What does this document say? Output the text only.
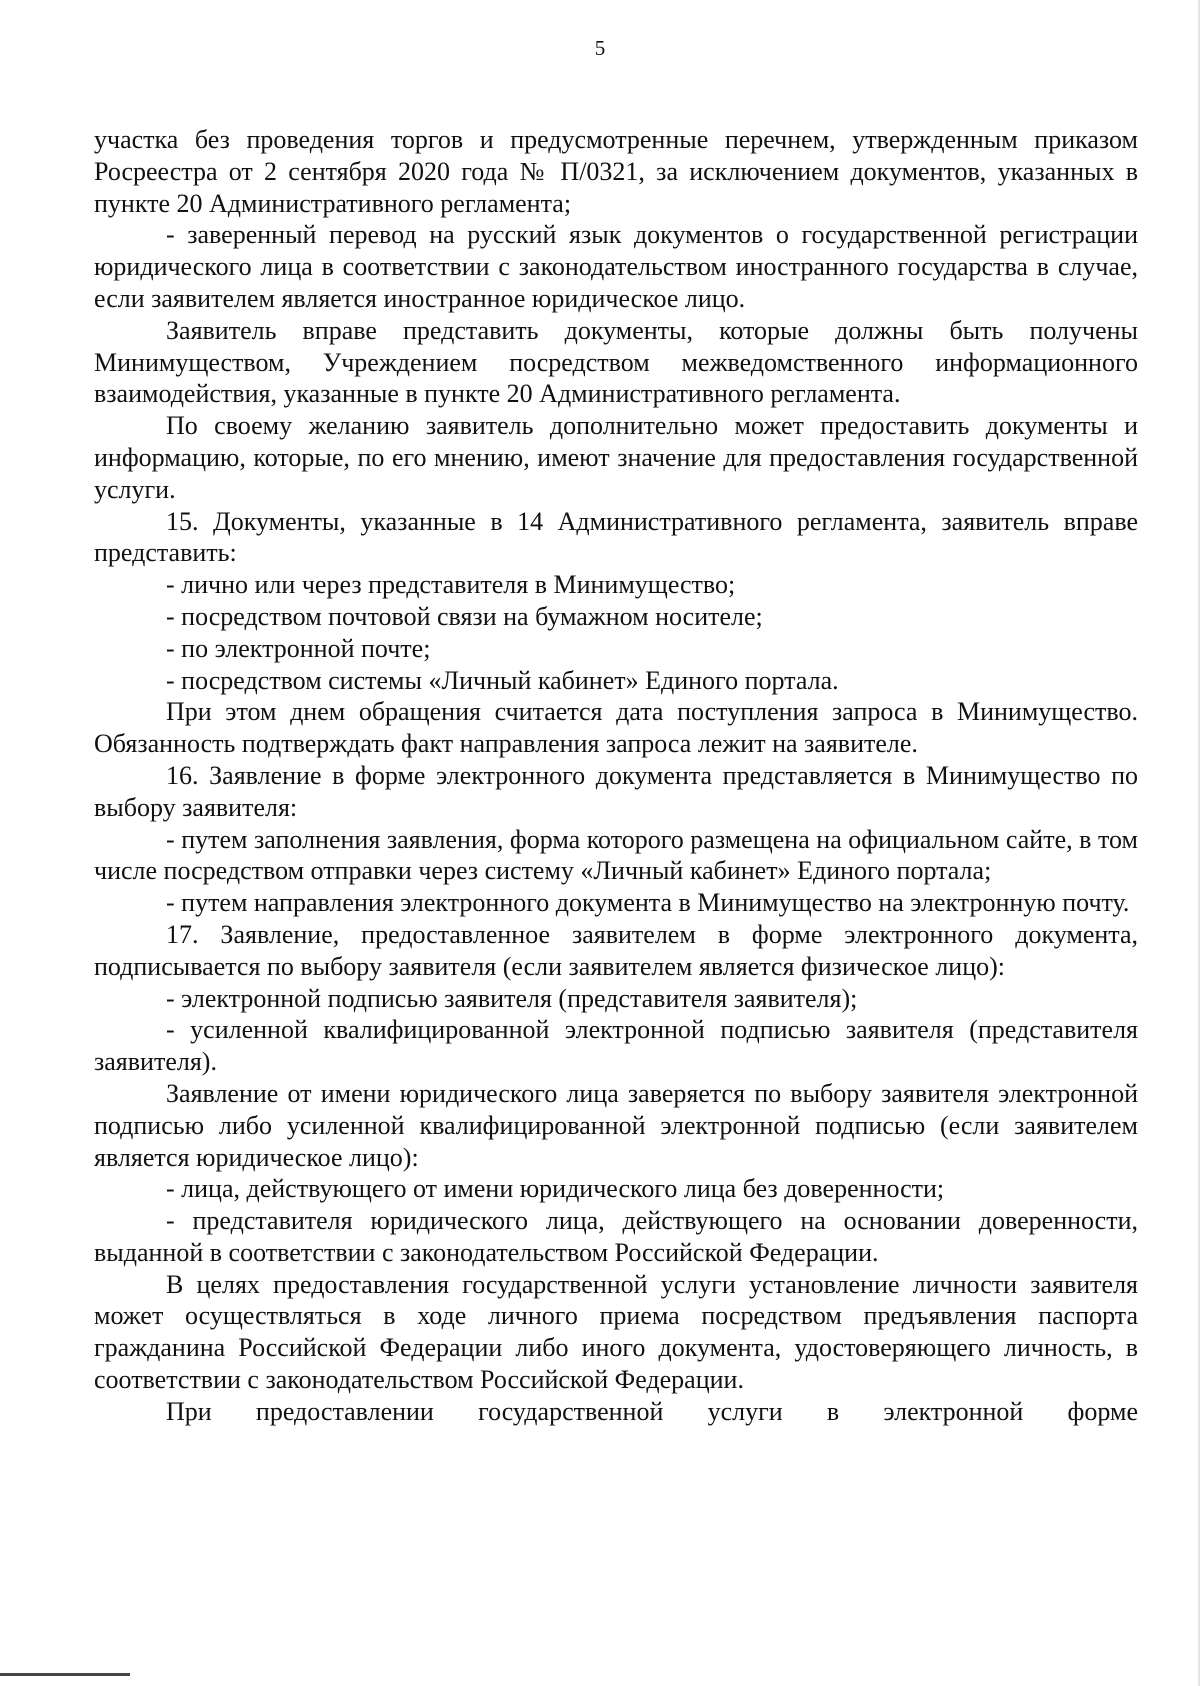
5

участка без проведения торгов и предусмотренные перечнем, утвержденным приказом Росреестра от 2 сентября 2020 года № П/0321, за исключением документов, указанных в пункте 20 Административного регламента;

- заверенный перевод на русский язык документов о государственной регистрации юридического лица в соответствии с законодательством иностранного государства в случае, если заявителем является иностранное юридическое лицо.

Заявитель вправе представить документы, которые должны быть получены Минимуществом, Учреждением посредством межведомственного информационного взаимодействия, указанные в пункте 20 Административного регламента.

По своему желанию заявитель дополнительно может предоставить документы и информацию, которые, по его мнению, имеют значение для предоставления государственной услуги.

15. Документы, указанные в 14 Административного регламента, заявитель вправе представить:

- лично или через представителя в Минимущество;

- посредством почтовой связи на бумажном носителе;

- по электронной почте;

- посредством системы «Личный кабинет» Единого портала.

При этом днем обращения считается дата поступления запроса в Минимущество. Обязанность подтверждать факт направления запроса лежит на заявителе.

16. Заявление в форме электронного документа представляется в Минимущество по выбору заявителя:

- путем заполнения заявления, форма которого размещена на официальном сайте, в том числе посредством отправки через систему «Личный кабинет» Единого портала;

- путем направления электронного документа в Минимущество на электронную почту.

17. Заявление, предоставленное заявителем в форме электронного документа, подписывается по выбору заявителя (если заявителем является физическое лицо):

- электронной подписью заявителя (представителя заявителя);

- усиленной квалифицированной электронной подписью заявителя (представителя заявителя).

Заявление от имени юридического лица заверяется по выбору заявителя электронной подписью либо усиленной квалифицированной электронной подписью (если заявителем является юридическое лицо):

- лица, действующего от имени юридического лица без доверенности;

- представителя юридического лица, действующего на основании доверенности, выданной в соответствии с законодательством Российской Федерации.

В целях предоставления государственной услуги установление личности заявителя может осуществляться в ходе личного приема посредством предъявления паспорта гражданина Российской Федерации либо иного документа, удостоверяющего личность, в соответствии с законодательством Российской Федерации.

При предоставлении государственной услуги в электронной форме
